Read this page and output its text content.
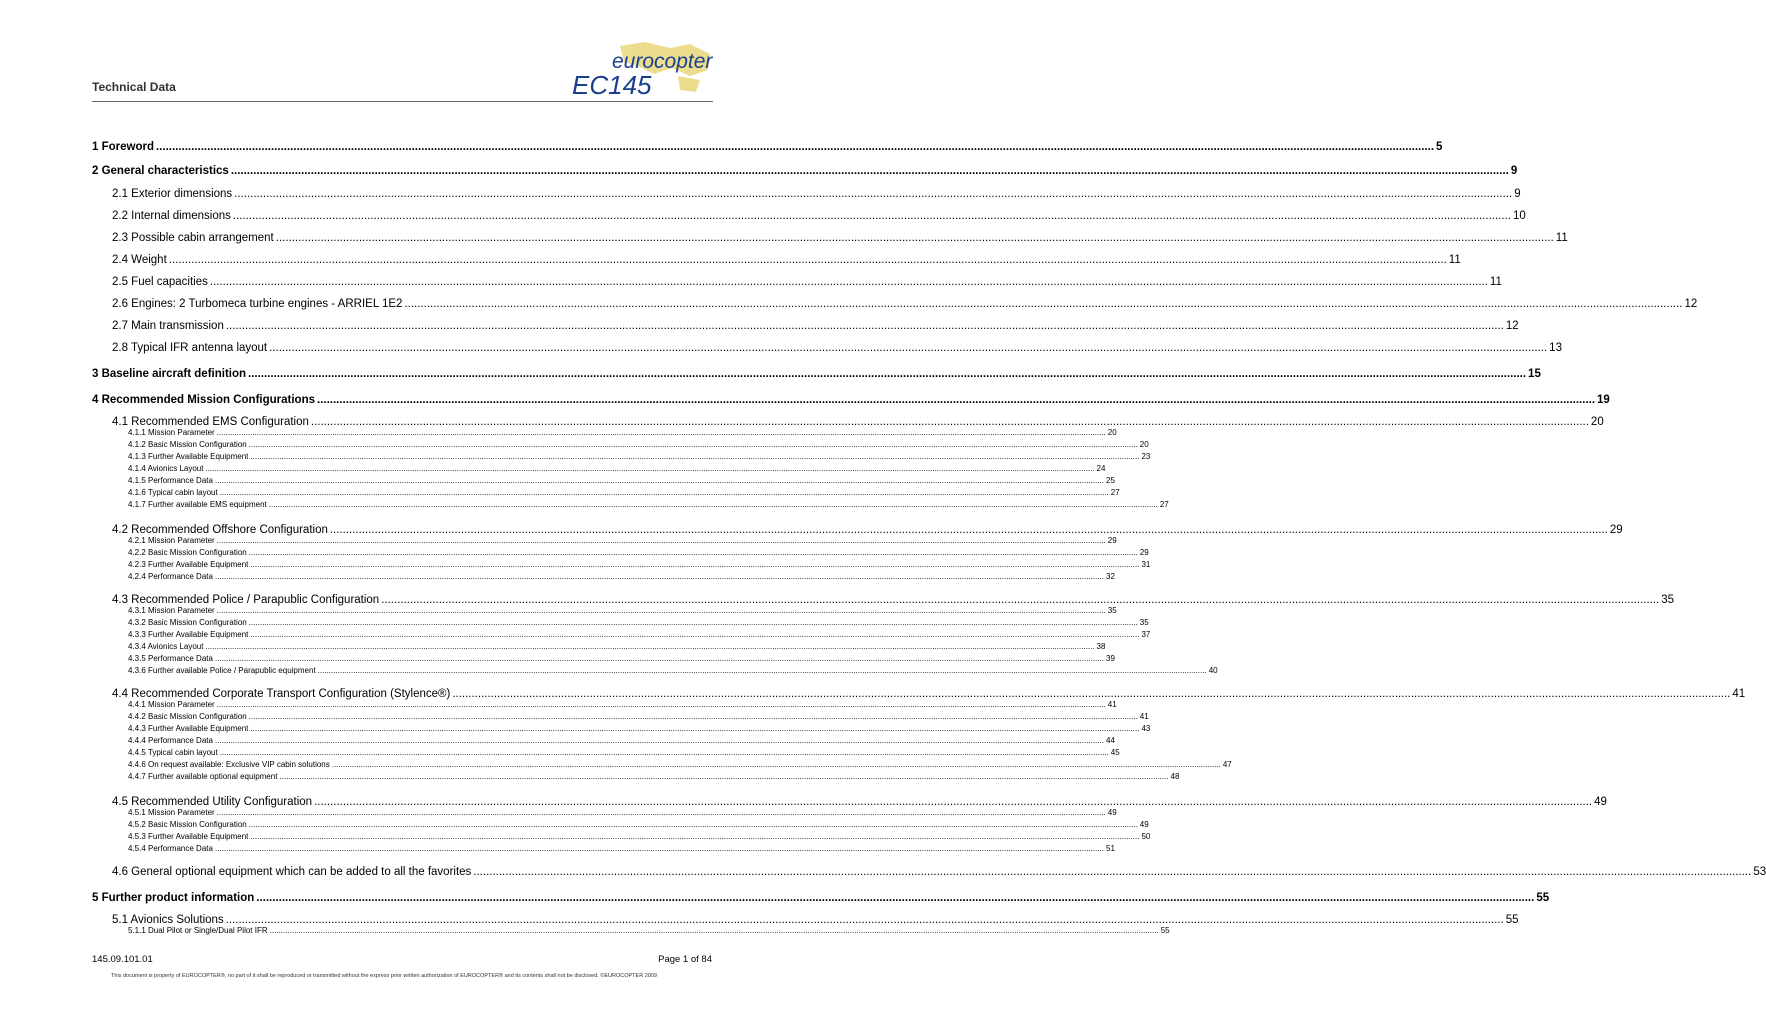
Technical Data
eurocopter
EC145
1 Foreword ................................................................................................................................................................................................................................................................................................................................................................................................................ 5
2 General characteristics ................................................................................................................................................................................................................................................................................................................................................................................................................ 9
2.1 Exterior dimensions ................................................................................................................................................................................................................................................................................................................................................................................................................ 9
2.2 Internal dimensions ................................................................................................................................................................................................................................................................................................................................................................................................................ 10
2.3 Possible cabin arrangement ................................................................................................................................................................................................................................................................................................................................................................................................................ 11
2.4 Weight ................................................................................................................................................................................................................................................................................................................................................................................................................ 11
2.5 Fuel capacities ................................................................................................................................................................................................................................................................................................................................................................................................................ 11
2.6 Engines: 2 Turbomeca turbine engines - ARRIEL 1E2 ................................................................................................................................................................................................................................................................................................................................................................................................................ 12
2.7 Main transmission ................................................................................................................................................................................................................................................................................................................................................................................................................ 12
2.8 Typical IFR antenna layout ................................................................................................................................................................................................................................................................................................................................................................................................................ 13
3 Baseline aircraft definition ................................................................................................................................................................................................................................................................................................................................................................................................................ 15
4 Recommended Mission Configurations ................................................................................................................................................................................................................................................................................................................................................................................................................ 19
4.1 Recommended EMS Configuration ................................................................................................................................................................................................................................................................................................................................................................................................................ 20
4.1.1 Mission Parameter ................................................................................................................................................................................................................................................................................................................................................................................................................ 20
4.1.2 Basic Mission Configuration ................................................................................................................................................................................................................................................................................................................................................................................................................ 20
4.1.3 Further Available Equipment ................................................................................................................................................................................................................................................................................................................................................................................................................ 23
4.1.4 Avionics Layout ................................................................................................................................................................................................................................................................................................................................................................................................................ 24
4.1.5 Performance Data ................................................................................................................................................................................................................................................................................................................................................................................................................ 25
4.1.6 Typical cabin layout ................................................................................................................................................................................................................................................................................................................................................................................................................ 27
4.1.7 Further available EMS equipment ................................................................................................................................................................................................................................................................................................................................................................................................................ 27
4.2 Recommended Offshore Configuration ................................................................................................................................................................................................................................................................................................................................................................................................................ 29
4.2.1 Mission Parameter ................................................................................................................................................................................................................................................................................................................................................................................................................ 29
4.2.2 Basic Mission Configuration ................................................................................................................................................................................................................................................................................................................................................................................................................ 29
4.2.3 Further Available Equipment ................................................................................................................................................................................................................................................................................................................................................................................................................ 31
4.2.4 Performance Data ................................................................................................................................................................................................................................................................................................................................................................................................................ 32
4.3 Recommended Police / Parapublic Configuration ................................................................................................................................................................................................................................................................................................................................................................................................................ 35
4.3.1 Mission Parameter ................................................................................................................................................................................................................................................................................................................................................................................................................ 35
4.3.2 Basic Mission Configuration ................................................................................................................................................................................................................................................................................................................................................................................................................ 35
4.3.3 Further Available Equipment ................................................................................................................................................................................................................................................................................................................................................................................................................ 37
4.3.4 Avionics Layout ................................................................................................................................................................................................................................................................................................................................................................................................................ 38
4.3.5 Performance Data ................................................................................................................................................................................................................................................................................................................................................................................................................ 39
4.3.6 Further available Police / Parapublic equipment ................................................................................................................................................................................................................................................................................................................................................................................................................ 40
4.4 Recommended Corporate Transport Configuration (Stylence®) ................................................................................................................................................................................................................................................................................................................................................................................................................ 41
4.4.1 Mission Parameter ................................................................................................................................................................................................................................................................................................................................................................................................................ 41
4.4.2 Basic Mission Configuration ................................................................................................................................................................................................................................................................................................................................................................................................................ 41
4.4.3 Further Available Equipment ................................................................................................................................................................................................................................................................................................................................................................................................................ 43
4.4.4 Performance Data ................................................................................................................................................................................................................................................................................................................................................................................................................ 44
4.4.5 Typical cabin layout ................................................................................................................................................................................................................................................................................................................................................................................................................ 45
4.4.6 On request available: Exclusive VIP cabin solutions ................................................................................................................................................................................................................................................................................................................................................................................................................ 47
4.4.7 Further available optional equipment ................................................................................................................................................................................................................................................................................................................................................................................................................ 48
4.5 Recommended Utility Configuration ................................................................................................................................................................................................................................................................................................................................................................................................................ 49
4.5.1 Mission Parameter ................................................................................................................................................................................................................................................................................................................................................................................................................ 49
4.5.2 Basic Mission Configuration ................................................................................................................................................................................................................................................................................................................................................................................................................ 49
4.5.3 Further Available Equipment ................................................................................................................................................................................................................................................................................................................................................................................................................ 50
4.5.4 Performance Data ................................................................................................................................................................................................................................................................................................................................................................................................................ 51
4.6 General optional equipment which can be added to all the favorites ................................................................................................................................................................................................................................................................................................................................................................................................................ 53
5 Further product information ................................................................................................................................................................................................................................................................................................................................................................................................................ 55
5.1 Avionics Solutions ................................................................................................................................................................................................................................................................................................................................................................................................................ 55
5.1.1 Dual Pilot or Single/Dual Pilot IFR ................................................................................................................................................................................................................................................................................................................................................................................................................ 55
145.09.101.01	Page 1 of 84
This document is property of EUROCOPTER®, no part of it shall be reproduced or transmitted without the express prior written authorization of EUROCOPTER® and its contents shall not be disclosed. ©EUROCOPTER 2009
